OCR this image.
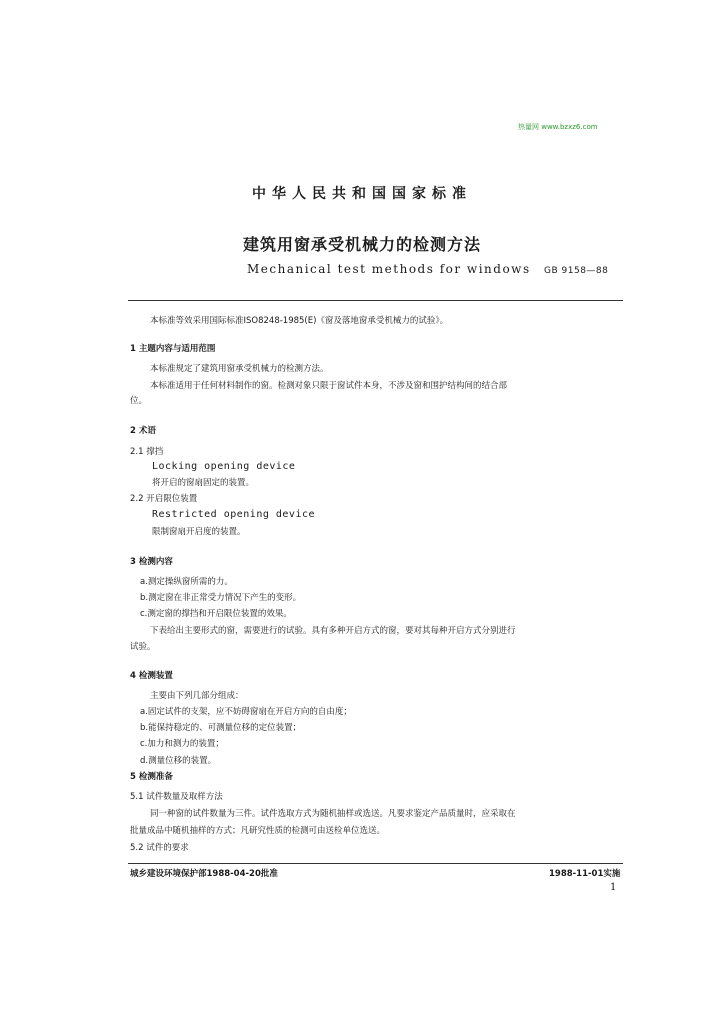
热量网 www.bzxz6.com
中华人民共和国国家标准
建筑用窗承受机械力的检测方法
Mechanical test methods for windows GB 9158—88
本标准等效采用国际标准ISO8248-1985(E)《窗及落地窗承受机械力的试验》。
1 主题内容与适用范围
本标准规定了建筑用窗承受机械力的检测方法。
本标准适用于任何材料制作的窗。检测对象只限于窗试件本身，不涉及窗和围护结构间的结合部
位。
2 术语
2.1 撑挡
Locking opening device
将开启的窗扇固定的装置。
2.2 开启限位装置
Restricted opening device
限制窗扇开启度的装置。
3 检测内容
a.测定操纵窗所需的力。
b.测定窗在非正常受力情况下产生的变形。
c.测定窗的撑挡和开启限位装置的效果。
下表给出主要形式的窗，需要进行的试验。具有多种开启方式的窗，要对其每种开启方式分别进行
试验。
4 检测装置
主要由下列几部分组成：
a.固定试件的支架，应不妨碍窗扇在开启方向的自由度；
b.能保持稳定的、可测量位移的定位装置；
c.加力和测力的装置；
d.测量位移的装置。
5 检测准备
5.1 试件数量及取样方法
同一种窗的试件数量为三件。试件选取方式为随机抽样或选送。凡要求鉴定产品质量时，应采取在
批量成品中随机抽样的方式；凡研究性质的检测可由送检单位选送。
5.2 试件的要求
城乡建设环境保护部1988-04-20批准	1988-11-01实施
1
